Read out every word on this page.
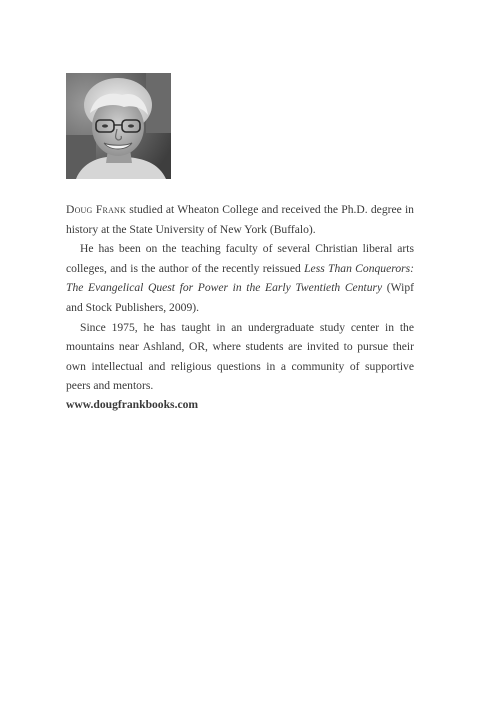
Doug Frank studied at Wheaton College and received the Ph.D. degree in history at the State University of New York (Buffalo).

He has been on the teaching faculty of several Christian liberal arts colleges, and is the author of the recently reissued Less Than Conquerors: The Evangelical Quest for Power in the Early Twentieth Century (Wipf and Stock Publishers, 2009).

Since 1975, he has taught in an undergraduate study center in the mountains near Ashland, OR, where students are invited to pursue their own intellectual and religious questions in a community of supportive peers and mentors.

www.dougfrankbooks.com
